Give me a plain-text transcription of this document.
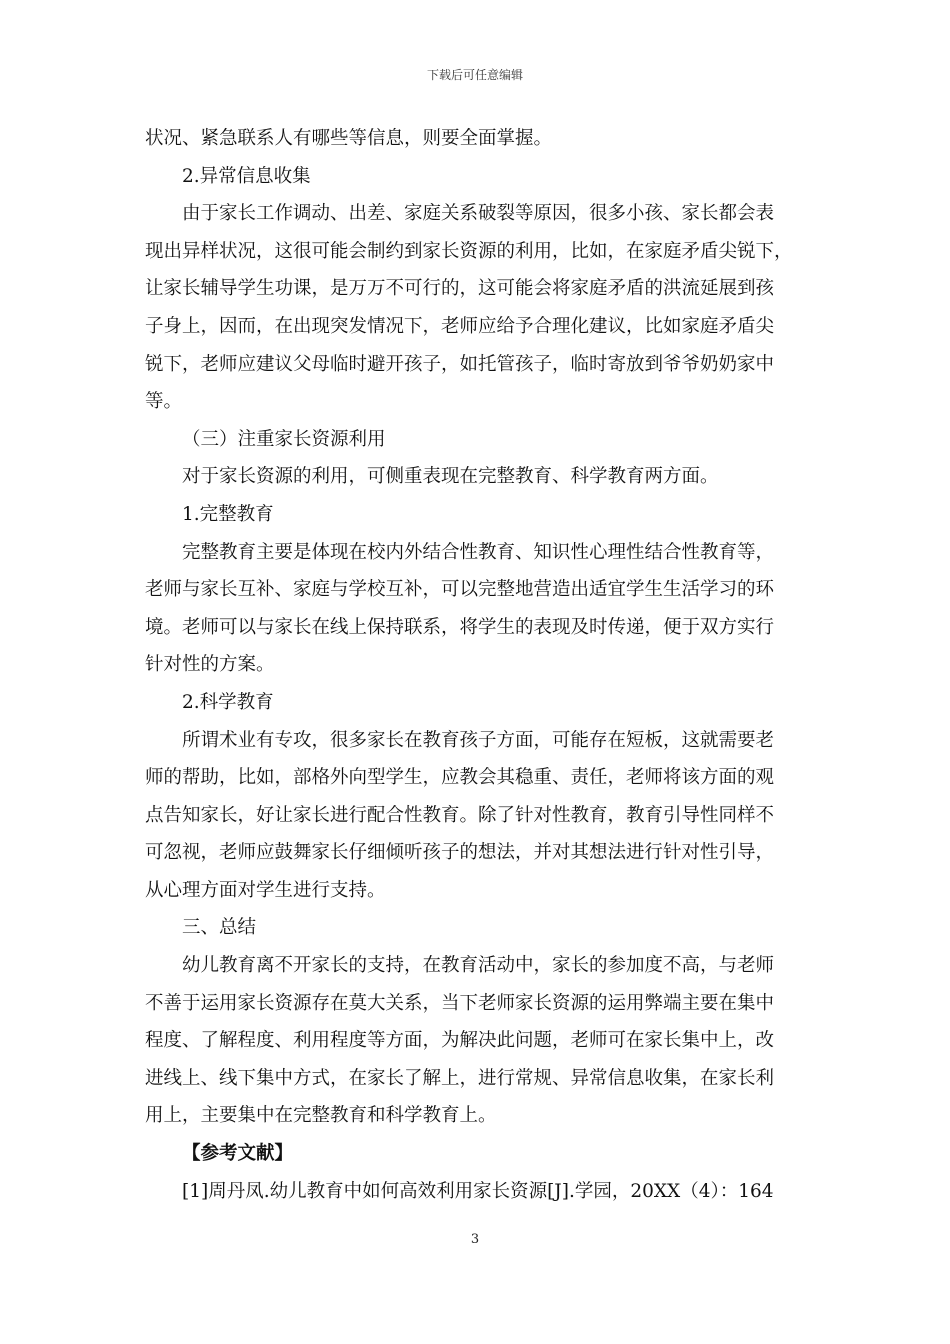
下载后可任意编辑
状况、紧急联系人有哪些等信息，则要全面掌握。
2.异常信息收集
由于家长工作调动、出差、家庭关系破裂等原因，很多小孩、家长都会表
现出异样状况，这很可能会制约到家长资源的利用，比如，在家庭矛盾尖锐下，
让家长辅导学生功课，是万万不可行的，这可能会将家庭矛盾的洪流延展到孩
子身上，因而，在出现突发情况下，老师应给予合理化建议，比如家庭矛盾尖
锐下，老师应建议父母临时避开孩子，如托管孩子，临时寄放到爷爷奶奶家中
等。
（三）注重家长资源利用
对于家长资源的利用，可侧重表现在完整教育、科学教育两方面。
1.完整教育
完整教育主要是体现在校内外结合性教育、知识性心理性结合性教育等，
老师与家长互补、家庭与学校互补，可以完整地营造出适宜学生生活学习的环
境。老师可以与家长在线上保持联系，将学生的表现及时传递，便于双方实行
针对性的方案。
2.科学教育
所谓术业有专攻，很多家长在教育孩子方面，可能存在短板，这就需要老
师的帮助，比如，部格外向型学生，应教会其稳重、责任，老师将该方面的观
点告知家长，好让家长进行配合性教育。除了针对性教育，教育引导性同样不
可忽视，老师应鼓舞家长仔细倾听孩子的想法，并对其想法进行针对性引导，
从心理方面对学生进行支持。
三、总结
幼儿教育离不开家长的支持，在教育活动中，家长的参加度不高，与老师
不善于运用家长资源存在莫大关系，当下老师家长资源的运用弊端主要在集中
程度、了解程度、利用程度等方面，为解决此问题，老师可在家长集中上，改
进线上、线下集中方式，在家长了解上，进行常规、异常信息收集，在家长利
用上，主要集中在完整教育和科学教育上。
【参考文献】
[1]周丹凤.幼儿教育中如何高效利用家长资源[J].学园，20XX（4）：164
3
